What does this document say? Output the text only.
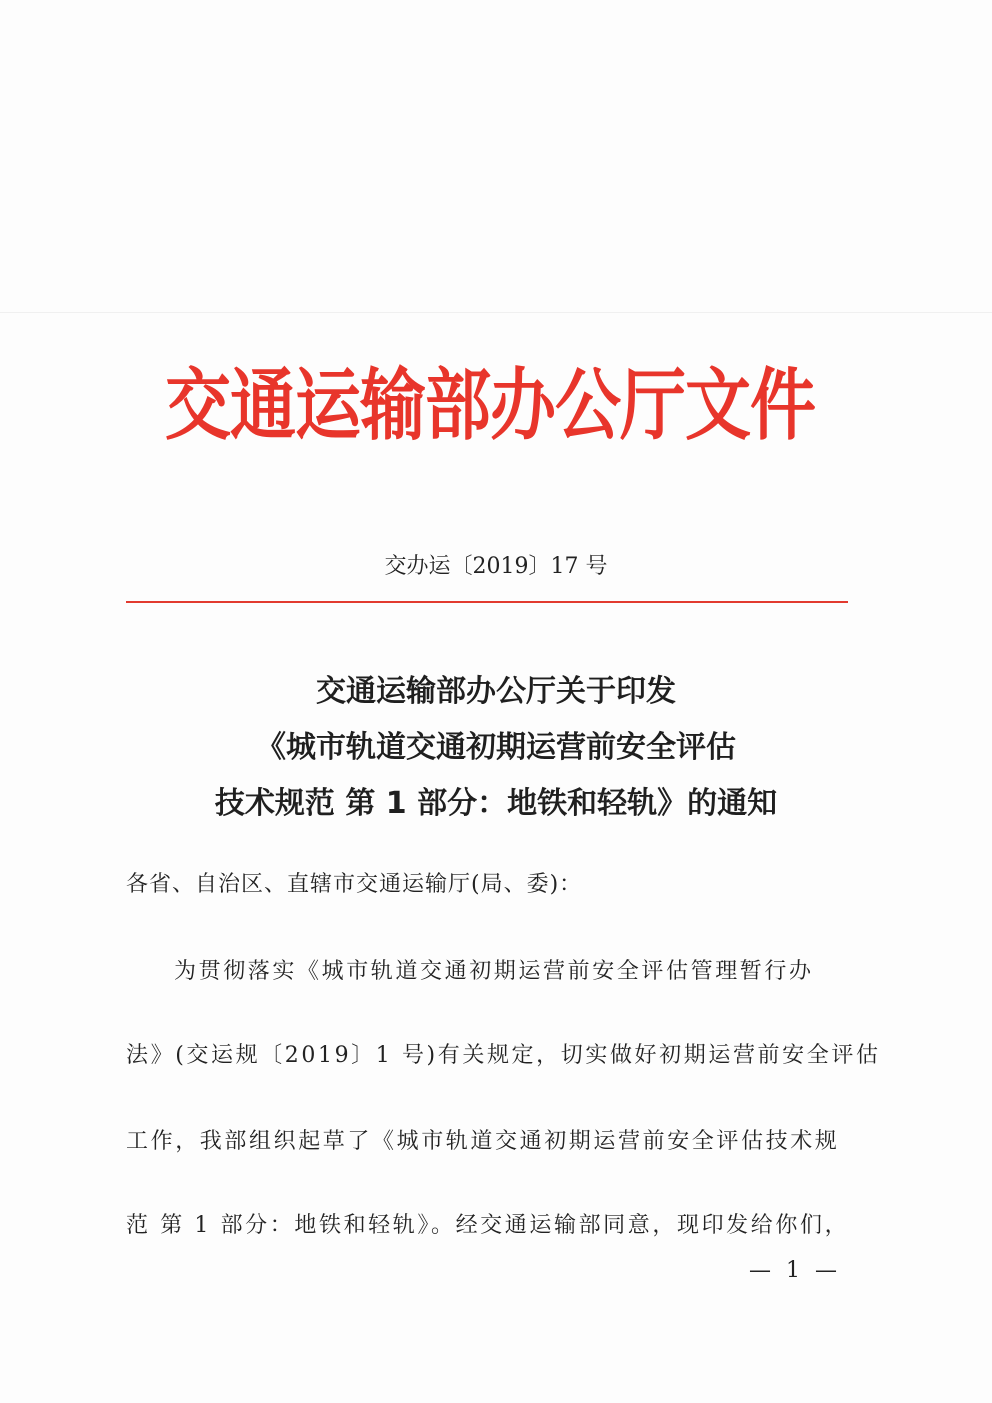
交通运输部办公厅文件
交办运〔2019〕17 号
交通运输部办公厅关于印发
《城市轨道交通初期运营前安全评估
技术规范 第 1 部分：地铁和轻轨》的通知
各省、自治区、直辖市交通运输厅(局、委)：
为贯彻落实《城市轨道交通初期运营前安全评估管理暂行办
法》(交运规〔2019〕1 号)有关规定，切实做好初期运营前安全评估
工作，我部组织起草了《城市轨道交通初期运营前安全评估技术规
范 第 1 部分：地铁和轻轨》。经交通运输部同意，现印发给你们，
— 1 —
